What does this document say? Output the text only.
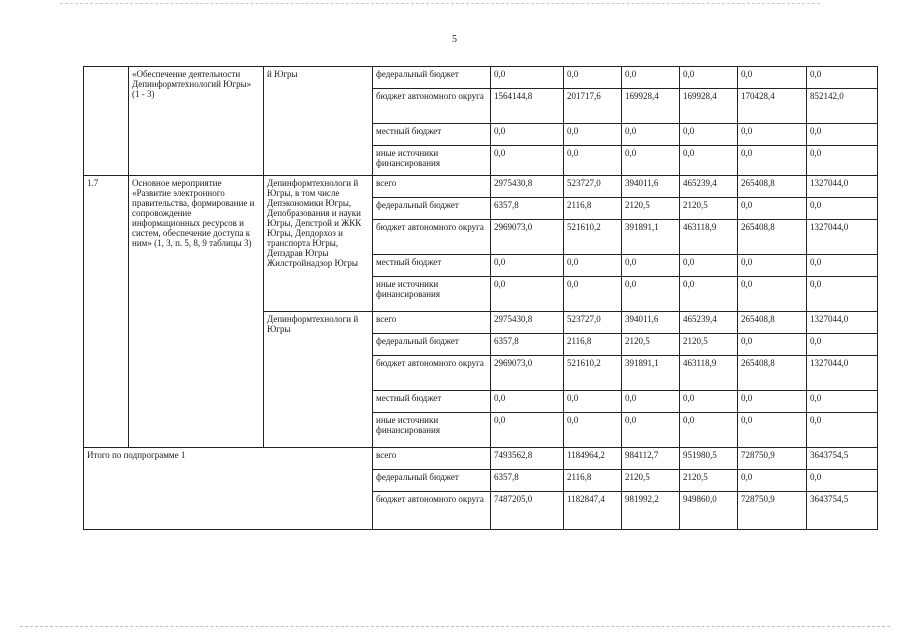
5
	«Обеспечение деятельности Депинформтехнологий Югры» (1 - 3)	й Югры	федеральный бюджет	0,0	0,0	0,0	0,0	0,0	0,0
			бюджет автономного округа	1564144,8	201717,6	169928,4	169928,4	170428,4	852142,0
			местный бюджет	0,0	0,0	0,0	0,0	0,0	0,0
			иные источники финансирования	0,0	0,0	0,0	0,0	0,0	0,0
1.7	Основное мероприятие «Развитие электронного правительства, формирование и сопровождение информационных ресурсов и систем, обеспечение доступа к ним» (1, 3, п. 5, 8, 9 таблицы 3)	Депинформтехнологи й Югры, в том числе Депэкономики Югры, Депобразования и науки Югры, Депстрой и ЖКК Югры, Депдорхоз и транспорта Югры, Депздрав Югры Жилстройнадзор Югры	всего	2975430,8	523727,0	394011,6	465239,4	265408,8	1327044,0
			федеральный бюджет	6357,8	2116,8	2120,5	2120,5	0,0	0,0
			бюджет автономного округа	2969073,0	521610,2	391891,1	463118,9	265408,8	1327044,0
			местный бюджет	0,0	0,0	0,0	0,0	0,0	0,0
			иные источники финансирования	0,0	0,0	0,0	0,0	0,0	0,0
		Депинформтехнологи й Югры	всего	2975430,8	523727,0	394011,6	465239,4	265408,8	1327044,0
			федеральный бюджет	6357,8	2116,8	2120,5	2120,5	0,0	0,0
			бюджет автономного округа	2969073,0	521610,2	391891,1	463118,9	265408,8	1327044,0
			местный бюджет	0,0	0,0	0,0	0,0	0,0	0,0
			иные источники финансирования	0,0	0,0	0,0	0,0	0,0	0,0
Итого по подпрограмме 1			всего	7493562,8	1184964,2	984112,7	951980,5	728750,9	3643754,5
			федеральный бюджет	6357,8	2116,8	2120,5	2120,5	0,0	0,0
			бюджет автономного округа	7487205,0	1182847,4	981992,2	949860,0	728750,9	3643754,5
